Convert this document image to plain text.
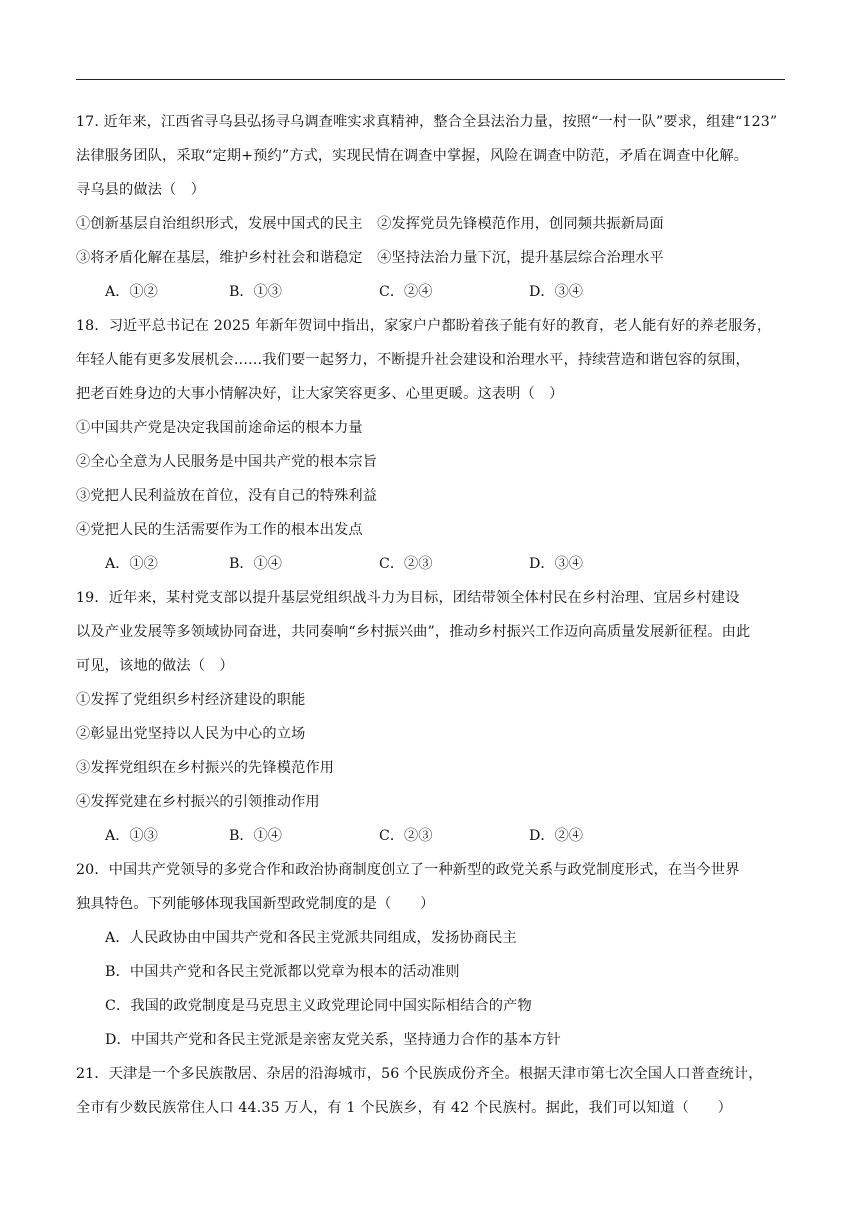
17. 近年来，江西省寻乌县弘扬寻乌调查唯实求真精神，整合全县法治力量，按照“一村一队”要求，组建“123”
法律服务团队，采取“定期+预约”方式，实现民情在调查中掌握，风险在调查中防范，矛盾在调查中化解。
寻乌县的做法（　）
①创新基层自治组织形式，发展中国式的民主　②发挥党员先锋模范作用，创同频共振新局面
③将矛盾化解在基层，维护乡村社会和谐稳定　④坚持法治力量下沉，提升基层综合治理水平
A．①②	B．①③	C．②④	D．③④
18．习近平总书记在 2025 年新年贺词中指出，家家户户都盼着孩子能有好的教育，老人能有好的养老服务，
年轻人能有更多发展机会……我们要一起努力，不断提升社会建设和治理水平，持续营造和谐包容的氛围，
把老百姓身边的大事小情解决好，让大家笑容更多、心里更暖。这表明（　）
①中国共产党是决定我国前途命运的根本力量
②全心全意为人民服务是中国共产党的根本宗旨
③党把人民利益放在首位，没有自己的特殊利益
④党把人民的生活需要作为工作的根本出发点
A．①②	B．①④	C．②③	D．③④
19．近年来，某村党支部以提升基层党组织战斗力为目标，团结带领全体村民在乡村治理、宜居乡村建设
以及产业发展等多领域协同奋进，共同奏响“乡村振兴曲”，推动乡村振兴工作迈向高质量发展新征程。由此
可见，该地的做法（　）
①发挥了党组织乡村经济建设的职能
②彰显出党坚持以人民为中心的立场
③发挥党组织在乡村振兴的先锋模范作用
④发挥党建在乡村振兴的引领推动作用
A．①③	B．①④	C．②③	D．②④
20．中国共产党领导的多党合作和政治协商制度创立了一种新型的政党关系与政党制度形式，在当今世界
独具特色。下列能够体现我国新型政党制度的是（　　）
A．人民政协由中国共产党和各民主党派共同组成，发扬协商民主
B．中国共产党和各民主党派都以党章为根本的活动准则
C．我国的政党制度是马克思主义政党理论同中国实际相结合的产物
D．中国共产党和各民主党派是亲密友党关系，坚持通力合作的基本方针
21．天津是一个多民族散居、杂居的沿海城市，56 个民族成份齐全。根据天津市第七次全国人口普查统计，
全市有少数民族常住人口 44.35 万人，有 1 个民族乡，有 42 个民族村。据此，我们可以知道（　　）
